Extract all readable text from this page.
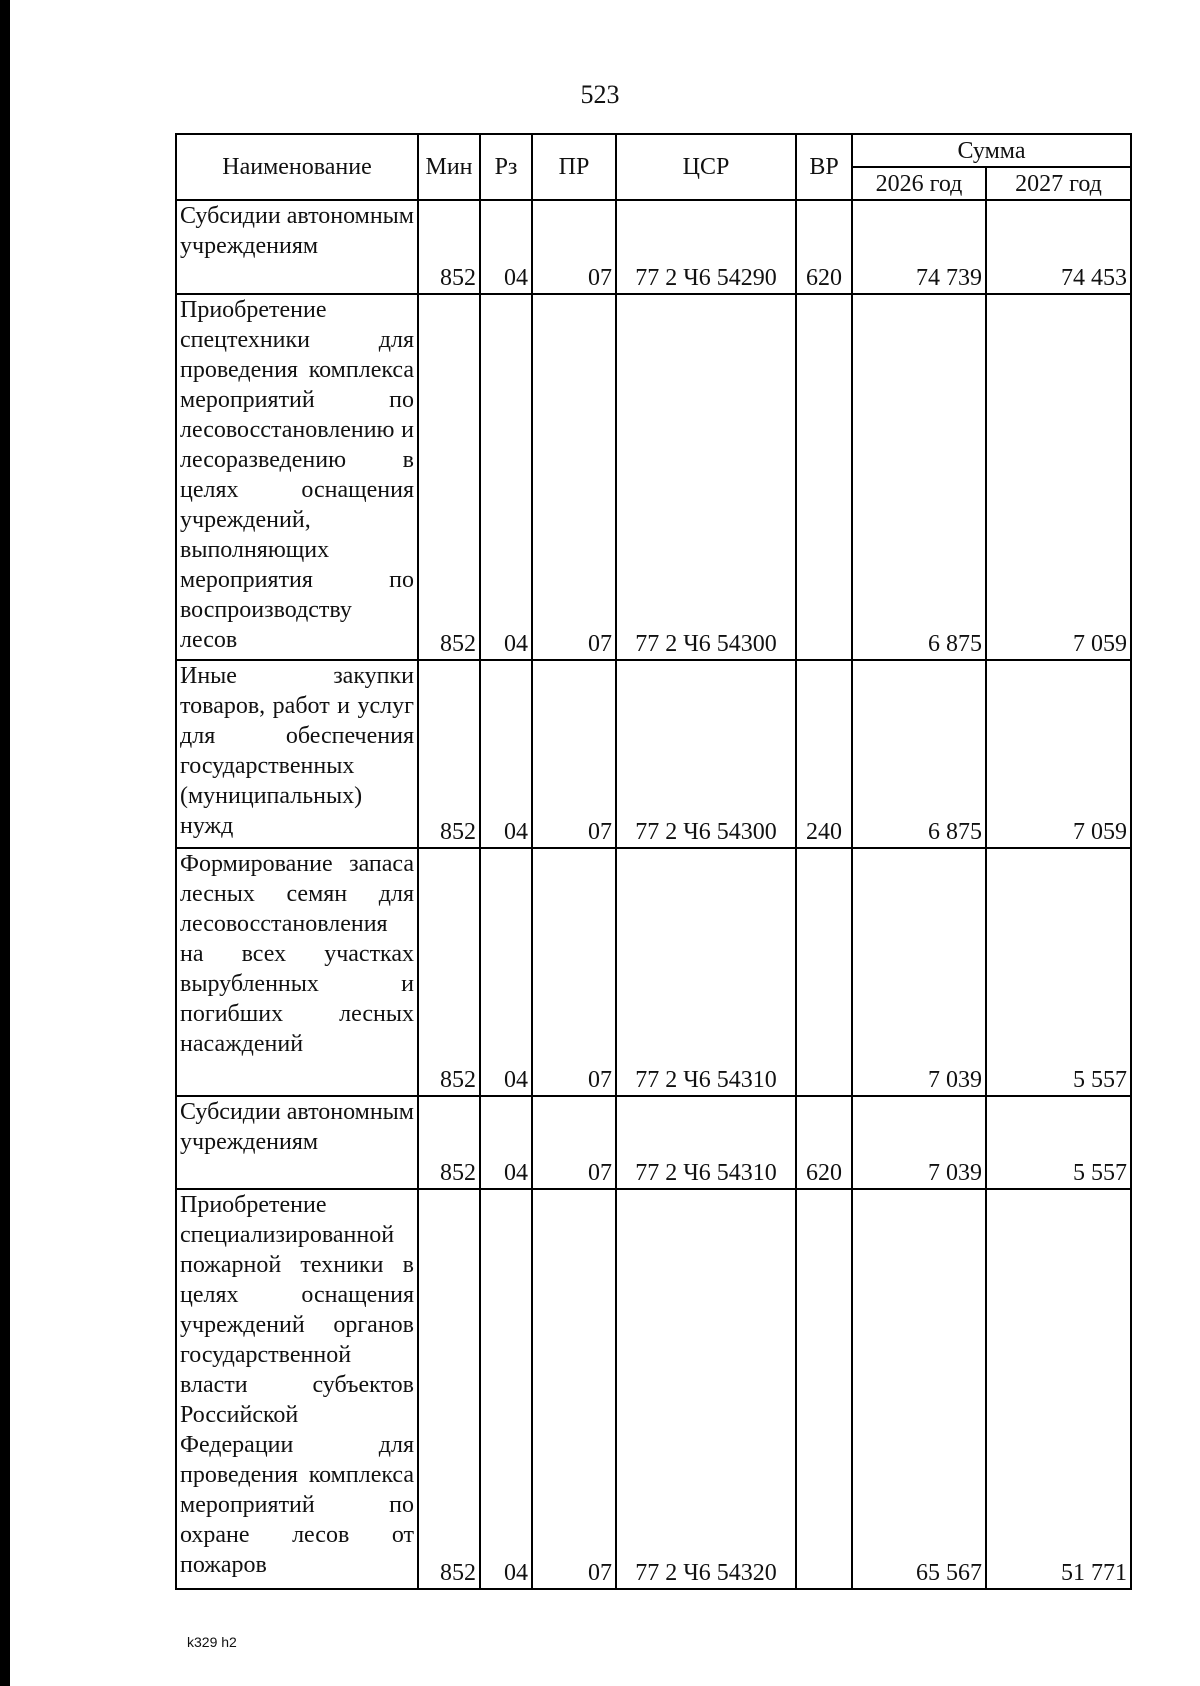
523
Наименование	Мин	Рз	ПР	ЦСР	ВР	Сумма	
						2026 год	2027 год
Субсидии автономным учреждениям	852	04	07	77 2 Ч6 54290	620	74 739	74 453
Приобретение спецтехники для проведения комплекса мероприятий по лесовосстановлению и лесоразведению в целях оснащения учреждений, выполняющих мероприятия по воспроизводству лесов	852	04	07	77 2 Ч6 54300		6 875	7 059
Иные закупки товаров, работ и услуг для обеспечения государственных (муниципальных) нужд	852	04	07	77 2 Ч6 54300	240	6 875	7 059
Формирование запаса лесных семян для лесовосстановления на всех участках вырубленных и погибших лесных насаждений	852	04	07	77 2 Ч6 54310		7 039	5 557
Субсидии автономным учреждениям	852	04	07	77 2 Ч6 54310	620	7 039	5 557
Приобретение специализированной пожарной техники в целях оснащения учреждений органов государственной власти субъектов Российской Федерации для проведения комплекса мероприятий по охране лесов от пожаров	852	04	07	77 2 Ч6 54320		65 567	51 771
k329 h2
